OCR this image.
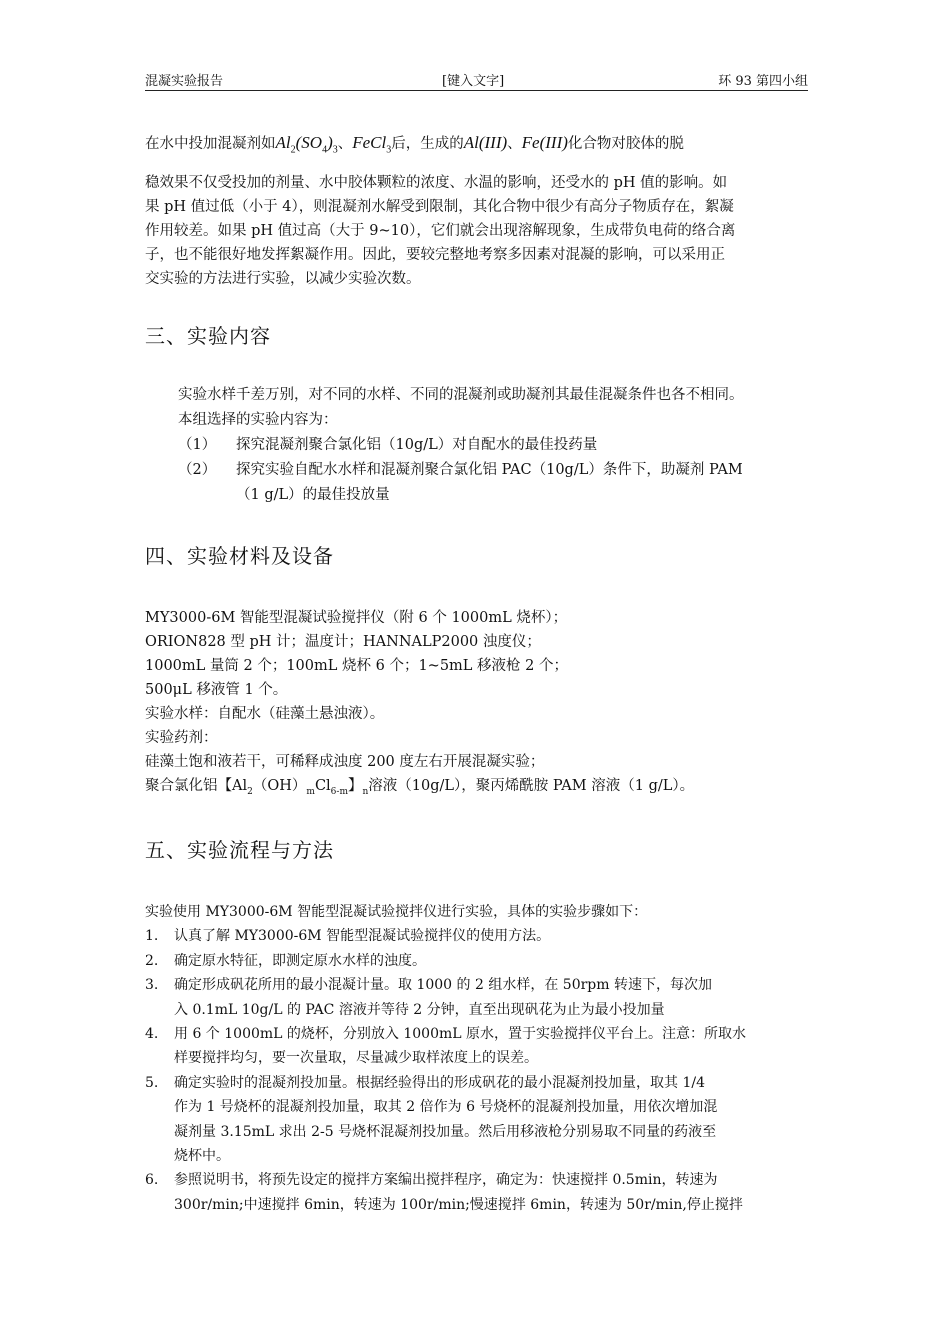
混凝实验报告	[键入文字]	环 93 第四小组
在水中投加混凝剂如$Al_2(SO_4)_3$、FeCl$_3$后，生成的Al(III)、Fe(III)化合物对胶体的脱
稳效果不仅受投加的剂量、水中胶体颗粒的浓度、水温的影响，还受水的 pH 值的影响。如
果 pH 值过低（小于 4），则混凝剂水解受到限制，其化合物中很少有高分子物质存在，絮凝
作用较差。如果 pH 值过高（大于 9~10），它们就会出现溶解现象，生成带负电荷的络合离
子，也不能很好地发挥絮凝作用。因此，要较完整地考察多因素对混凝的影响，可以采用正
交实验的方法进行实验，以减少实验次数。
三、实验内容
实验水样千差万别，对不同的水样、不同的混凝剂或助凝剂其最佳混凝条件也各不相同。
本组选择的实验内容为：
（1） 探究混凝剂聚合氯化铝（10g/L）对自配水的最佳投药量
（2） 探究实验自配水水样和混凝剂聚合氯化铝 PAC（10g/L）条件下，助凝剂 PAM
（1 g/L）的最佳投放量
四、实验材料及设备
MY3000-6M 智能型混凝试验搅拌仪（附 6 个 1000mL 烧杯）；
ORION828 型 pH 计；温度计；HANNALP2000 浊度仪；
1000mL 量筒 2 个；100mL 烧杯 6 个；1~5mL 移液枪 2 个；
500μL 移液管 1 个。
实验水样：自配水（硅藻土悬浊液）。
实验药剂：
硅藻土饱和液若干，可稀释成浊度 200 度左右开展混凝实验；
聚合氯化铝【$Al_2(OH)_mCl_{6-m}$】$_n$溶液（10g/L），聚丙烯酰胺 PAM 溶液（1 g/L）。
五、实验流程与方法
实验使用 MY3000-6M 智能型混凝试验搅拌仪进行实验，具体的实验步骤如下：
1. 认真了解 MY3000-6M 智能型混凝试验搅拌仪的使用方法。
2. 确定原水特征，即测定原水水样的浊度。
3. 确定形成矾花所用的最小混凝计量。取 1000 的 2 组水样，在 50rpm 转速下，每次加
入 0.1mL 10g/L 的 PAC 溶液并等待 2 分钟，直至出现矾花为止为最小投加量
4. 用 6 个 1000mL 的烧杯，分别放入 1000mL 原水，置于实验搅拌仪平台上。注意：所取水
样要搅拌均匀，要一次量取，尽量减少取样浓度上的误差。
5. 确定实验时的混凝剂投加量。根据经验得出的形成矾花的最小混凝剂投加量，取其 1/4
作为 1 号烧杯的混凝剂投加量，取其 2 倍作为 6 号烧杯的混凝剂投加量，用依次增加混
凝剂量 3.15mL 求出 2-5 号烧杯混凝剂投加量。然后用移液枪分别易取不同量的药液至
烧杯中。
6. 参照说明书，将预先设定的搅拌方案编出搅拌程序，确定为：快速搅拌 0.5min，转速为
300r/min;中速搅拌 6min，转速为 100r/min;慢速搅拌 6min，转速为 50r/min,停止搅拌
